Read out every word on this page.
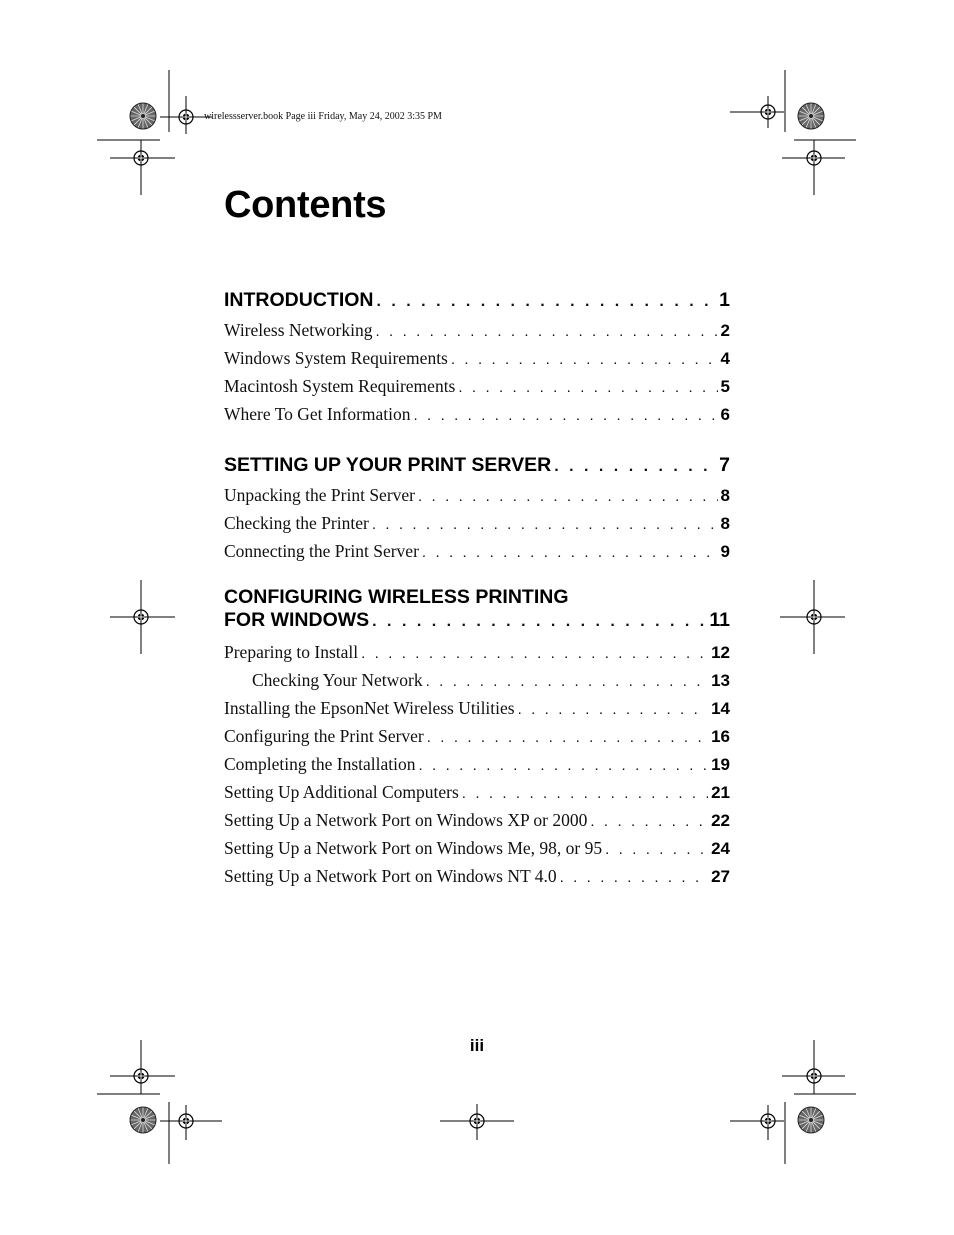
wirelessserver.book Page iii Friday, May 24, 2002 3:35 PM
Contents
INTRODUCTION . . .	1
Wireless Networking . . .	2
Windows System Requirements . . .	4
Macintosh System Requirements . . .	5
Where To Get Information . . .	6
SETTING UP YOUR PRINT SERVER . . .	7
Unpacking the Print Server . . .	8
Checking the Printer . . .	8
Connecting the Print Server . . .	9
CONFIGURING WIRELESS PRINTING
FOR WINDOWS . . .	11
Preparing to Install . . .	12
Checking Your Network . . .	13
Installing the EpsonNet Wireless Utilities . . .	14
Configuring the Print Server . . .	16
Completing the Installation . . .	19
Setting Up Additional Computers . . .	21
Setting Up a Network Port on Windows XP or 2000 . . .	22
Setting Up a Network Port on Windows Me, 98, or 95 . . .	24
Setting Up a Network Port on Windows NT 4.0 . . .	27
iii
